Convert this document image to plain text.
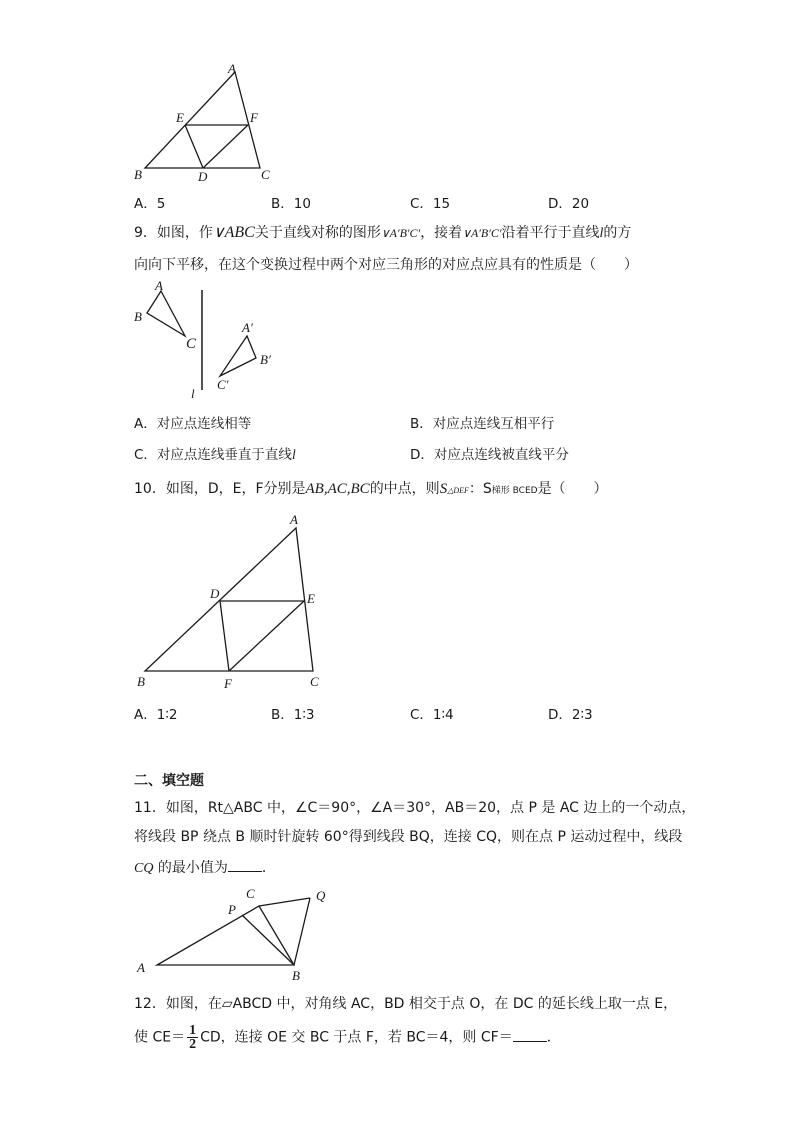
A
E	F
B	D	C
A．5	B．10	C．15	D．20
9．如图，作∨ABC关于直线对称的图形∨A′B′C′，接着∨A′B′C′沿着平行于直线l的方
向向下平移，在这个变换过程中两个对应三角形的对应点应具有的性质是（　　）
A
B
C
A′
B′
C′
l
A．对应点连线相等	B．对应点连线互相平行
C．对应点连线垂直于直线l	D．对应点连线被直线平分
10．如图，D，E，F分别是AB,AC,BC的中点，则S△DEF：S梯形 BCED是（　　）
A
D	E
B	F	C
A．1∶2	B．1∶3	C．1∶4	D．2∶3
二、填空题
11．如图，Rt△ABC 中，∠C＝90°，∠A＝30°，AB＝20，点 P 是 AC 边上的一个动点，
将线段 BP 绕点 B 顺时针旋转 60°得到线段 BQ，连接 CQ，则在点 P 运动过程中，线段
CQ 的最小值为 ．
C	Q
P
A
B
12．如图，在▱ABCD 中，对角线 AC，BD 相交于点 O，在 DC 的延长线上取一点 E，
使 $CE= \frac{1}{2}$ CD，连接 OE 交 BC 于点 F，若 BC＝4，则 CF＝ ．
